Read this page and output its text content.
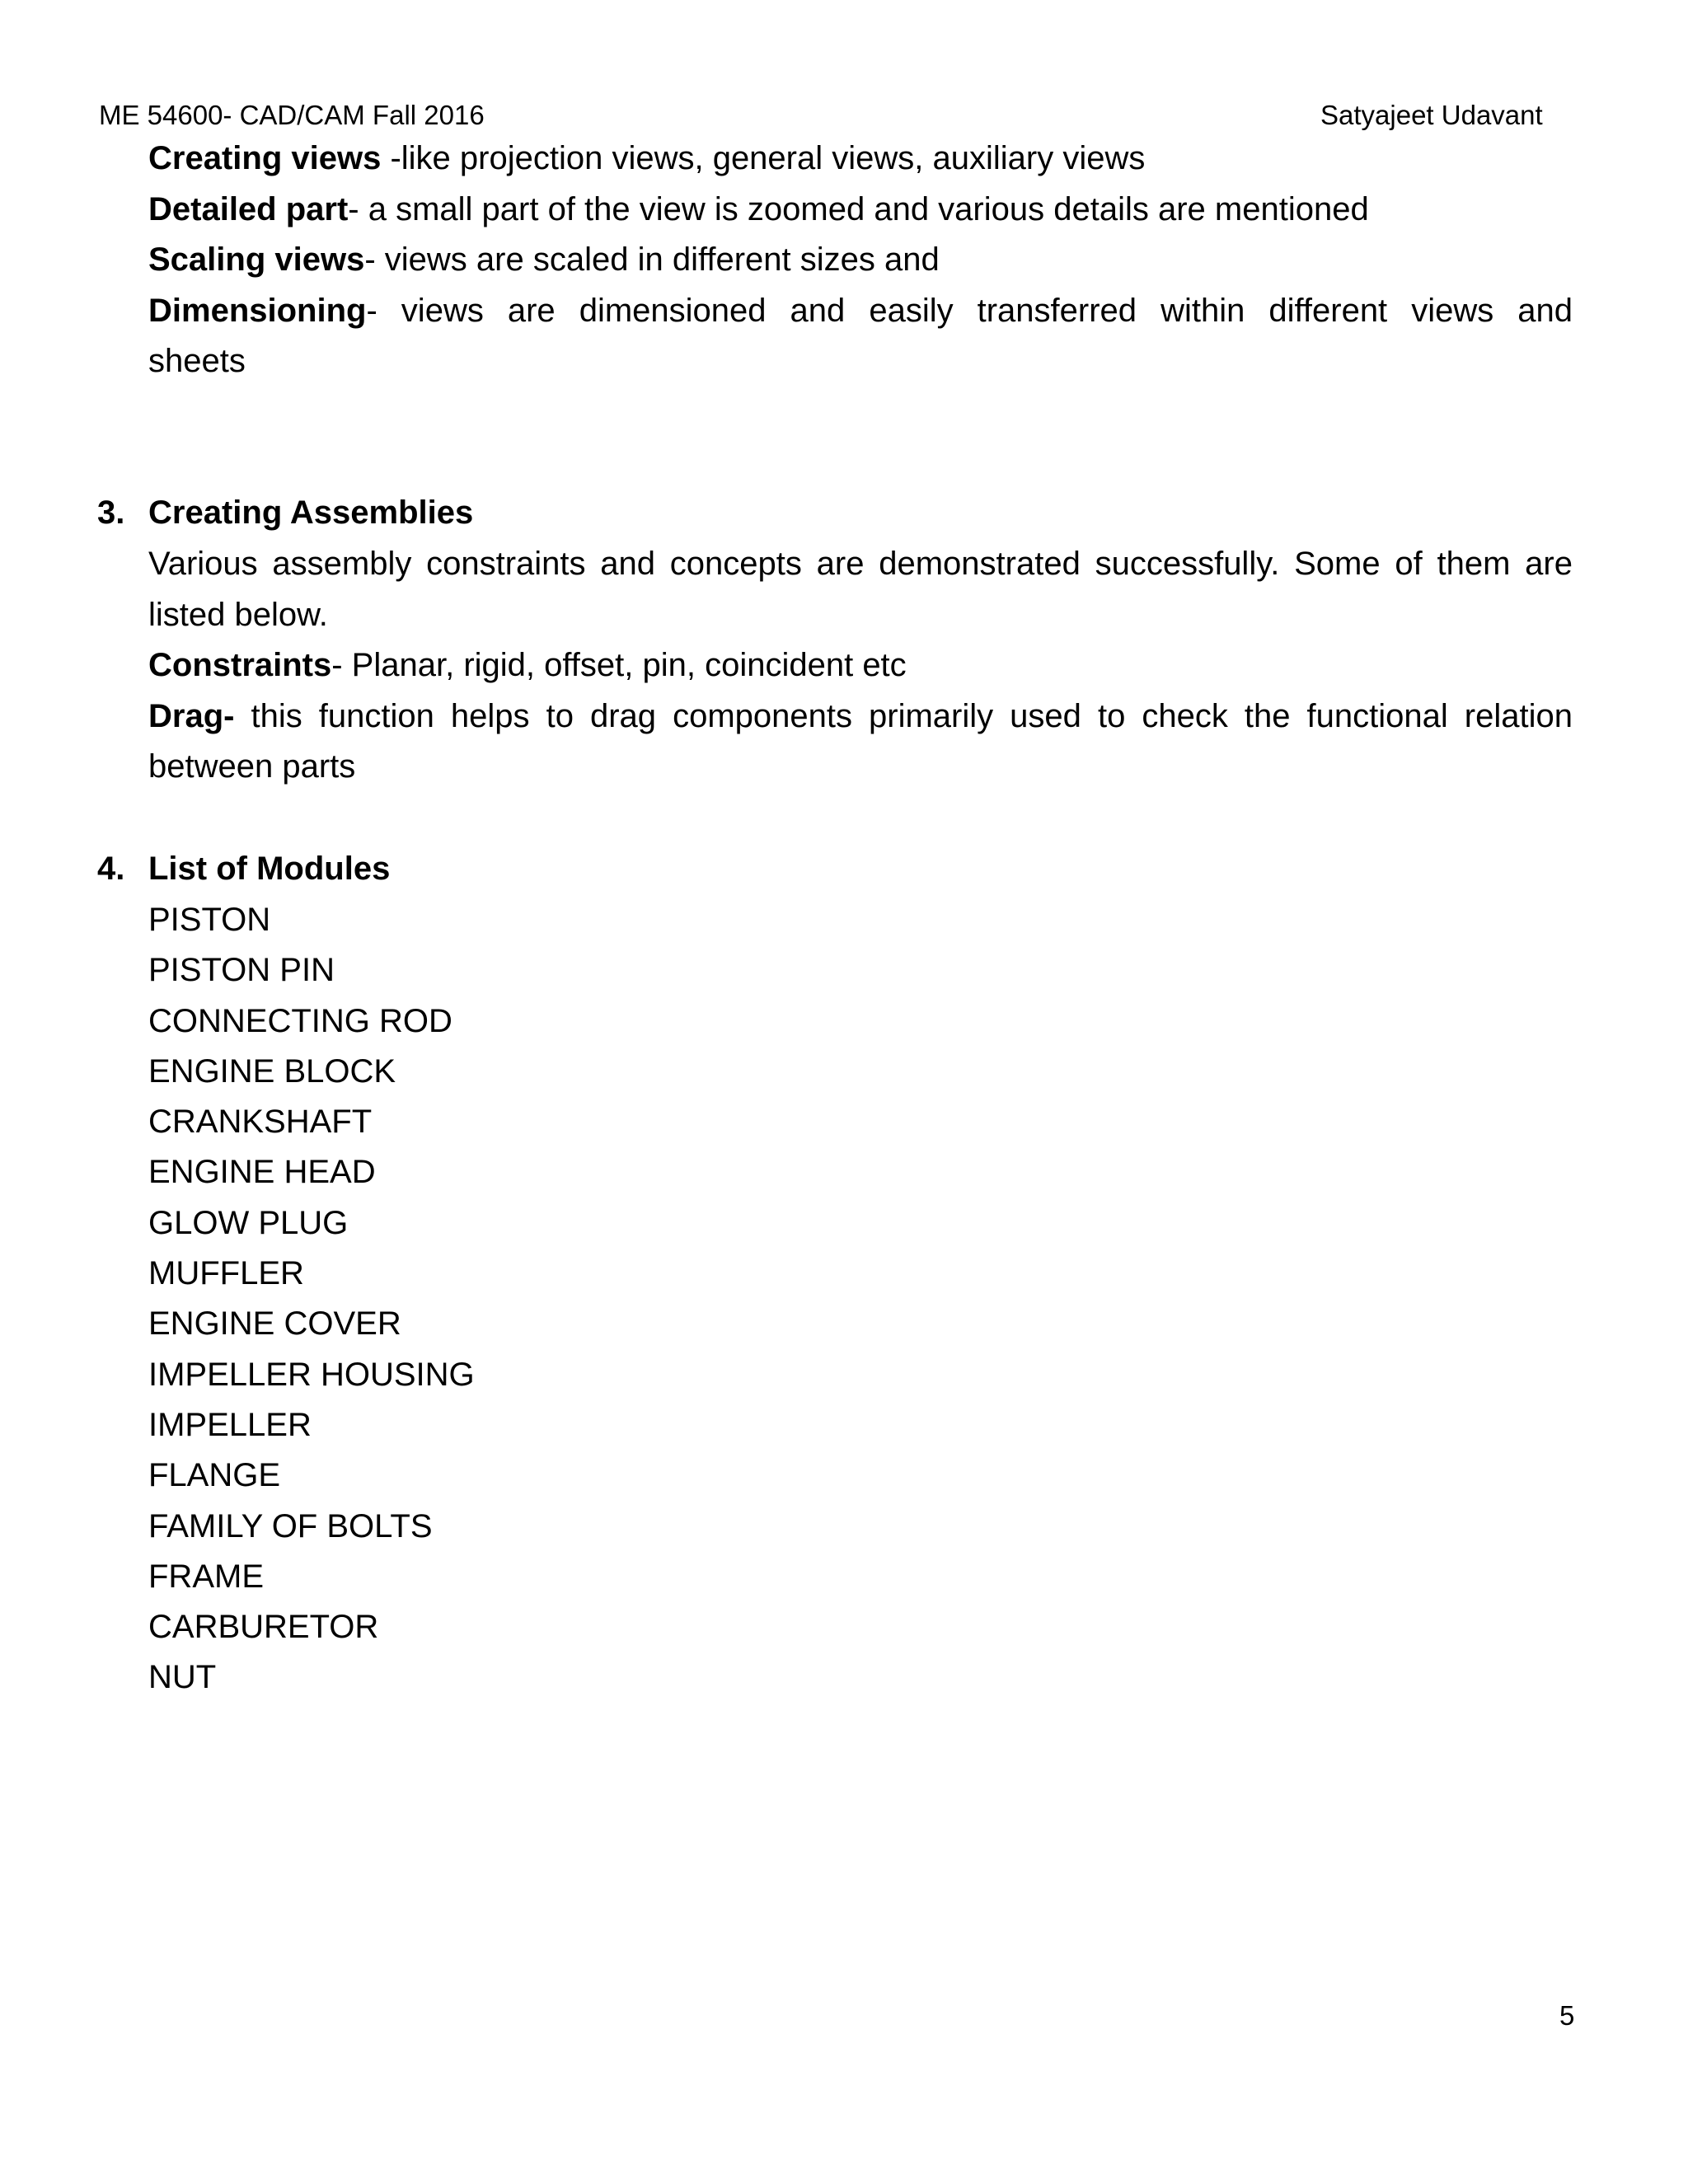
ME 54600- CAD/CAM Fall 2016	Satyajeet Udavant
Creating views -like projection views, general views, auxiliary views
Detailed part- a small part of the view is zoomed and various details are mentioned
Scaling views- views are scaled in different sizes and
Dimensioning- views are dimensioned and easily transferred within different views and
sheets
3. Creating Assemblies
Various assembly constraints and concepts are demonstrated successfully. Some of them are
listed below.
Constraints- Planar, rigid, offset, pin, coincident etc
Drag- this function helps to drag components primarily used to check the functional relation
between parts
4. List of Modules
PISTON
PISTON PIN
CONNECTING ROD
ENGINE BLOCK
CRANKSHAFT
ENGINE HEAD
GLOW PLUG
MUFFLER
ENGINE COVER
IMPELLER HOUSING
IMPELLER
FLANGE
FAMILY OF BOLTS
FRAME
CARBURETOR
NUT
5
